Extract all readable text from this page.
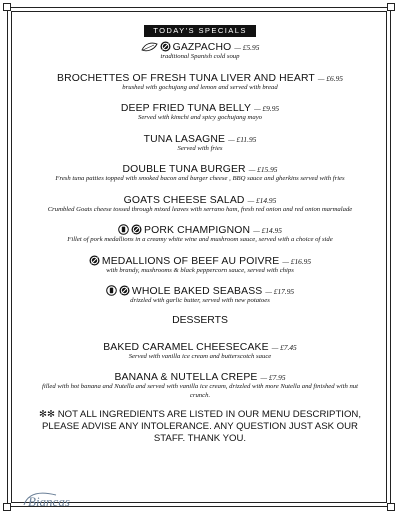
TODAY'S SPECIALS
GAZPACHO — £5.95
traditional Spanish cold soup
BROCHETTES OF FRESH TUNA LIVER AND HEART — £6.95
brushed with gochujang and lemon and served with bread
DEEP FRIED TUNA BELLY — £9.95
Served with kimchi and spicy gochujang mayo
TUNA LASAGNE — £11.95
Served with fries
DOUBLE TUNA BURGER — £15.95
Fresh tuna patties topped with smoked bacon and burger cheese , BBQ sauce and gherkins served with fries
GOATS CHEESE SALAD — £14.95
Crumbled Goats cheese tossed through mixed leaves with serrano ham, fresh red onion and red onion marmalade
PORK CHAMPIGNON — £14.95
Fillet of pork medallions in a creamy white wine and mushroom sauce, served with a choice of side
MEDALLIONS OF BEEF AU POIVRE — £16.95
with brandy, mushrooms & black peppercorn sauce, served with chips
WHOLE BAKED SEABASS — £17.95
drizzled with garlic butter, served with new potatoes
DESSERTS
BAKED CARAMEL CHEESECAKE — £7.45
Served with vanilla ice cream and butterscotch sauce
BANANA & NUTELLA CREPE — £7.95
filled with hot banana and Nutella and served with vanilla ice cream, drizzled with more Nutella and finished with nut crunch.
✻✻ NOT ALL INGREDIENTS ARE LISTED IN OUR MENU DESCRIPTION, PLEASE ADVISE ANY INTOLERANCE. ANY QUESTION JUST ASK OUR STAFF. THANK YOU.
Biancas
